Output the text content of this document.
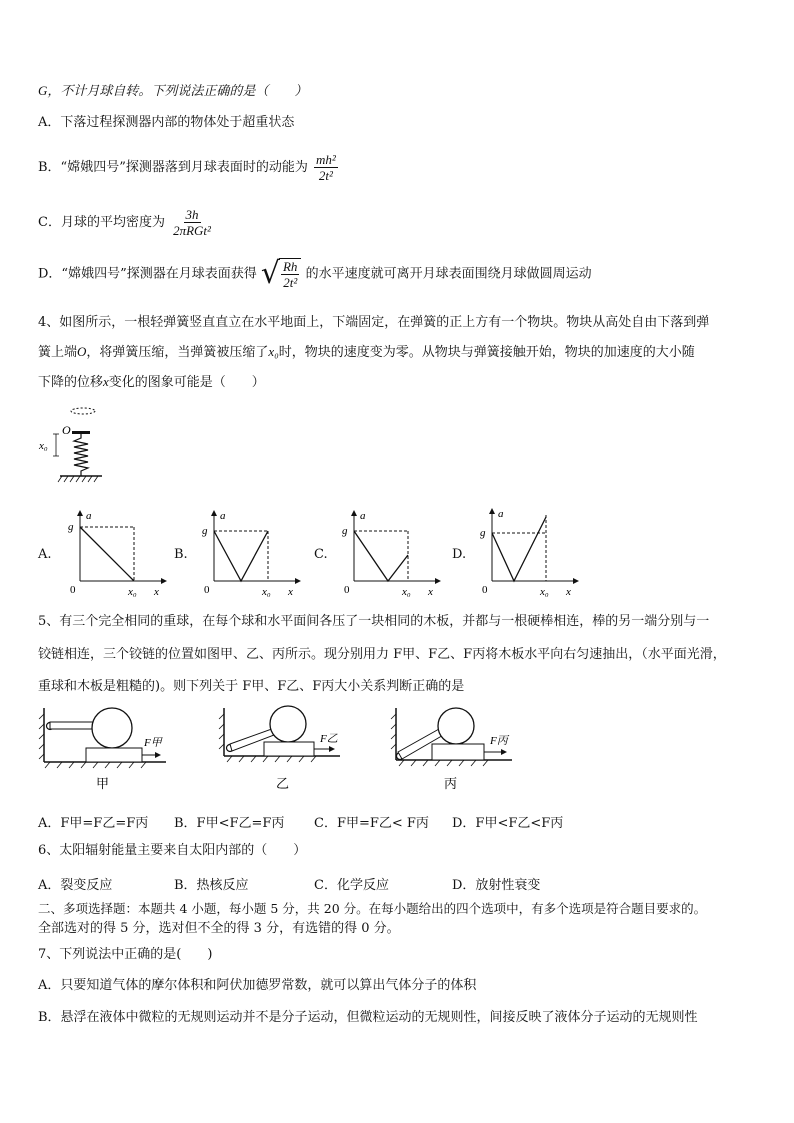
G，不计月球自转。下列说法正确的是（　　）
A．下落过程探测器内部的物体处于超重状态
B．“嫦娥四号”探测器落到月球表面时的动能为 $\frac{\text{mh²}}{\text{2t²}}$
C．月球的平均密度为 $\frac{3h}{\text{2πRGt²}}$
D．“嫦娥四号”探测器在月球表面获得 √ $\frac{Rh}{\text{2t²}}$ 的水平速度就可离开月球表面围绕月球做圆周运动
4、如图所示，一根轻弹簧竖直直立在水平地面上，下端固定，在弹簧的正上方有一个物块。物块从高处自由下落到弹
簧上端O，将弹簧压缩，当弹簧被压缩了x₀时，物块的速度变为零。从物块与弹簧接触开始，物块的加速度的大小随
下降的位移x变化的图象可能是（　　）
O
x₀
A.	B.	C.	D.
a
g
0	x₀ x
a
g
0	x₀ x
a
g
0	x₀ x
a
g
0	x₀ x
5、有三个完全相同的重球，在每个球和水平面间各压了一块相同的木板，并都与一根硬棒相连，棒的另一端分别与一
铰链相连，三个铰链的位置如图甲、乙、丙所示。现分别用力 F甲、F乙、F丙将木板水平向右匀速抽出，（水平面光滑，
重球和木板是粗糙的)。则下列关于 F甲、F乙、F丙大小关系判断正确的是
F甲
甲
F乙
乙
F丙
丙
A．F甲=F乙=F丙 B．F甲<F乙=F丙 C．F甲=F乙< F丙 D．F甲<F乙<F丙
6、太阳辐射能量主要来自太阳内部的（　　）
A．裂变反应	B．热核反应	C．化学反应	D．放射性衰变
二、多项选择题：本题共 4 小题，每小题 5 分，共 20 分。在每小题给出的四个选项中，有多个选项是符合题目要求的。
全部选对的得 5 分，选对但不全的得 3 分，有选错的得 0 分。
7、下列说法中正确的是(　　)
A．只要知道气体的摩尔体积和阿伏加德罗常数，就可以算出气体分子的体积
B．悬浮在液体中微粒的无规则运动并不是分子运动，但微粒运动的无规则性，间接反映了液体分子运动的无规则性
